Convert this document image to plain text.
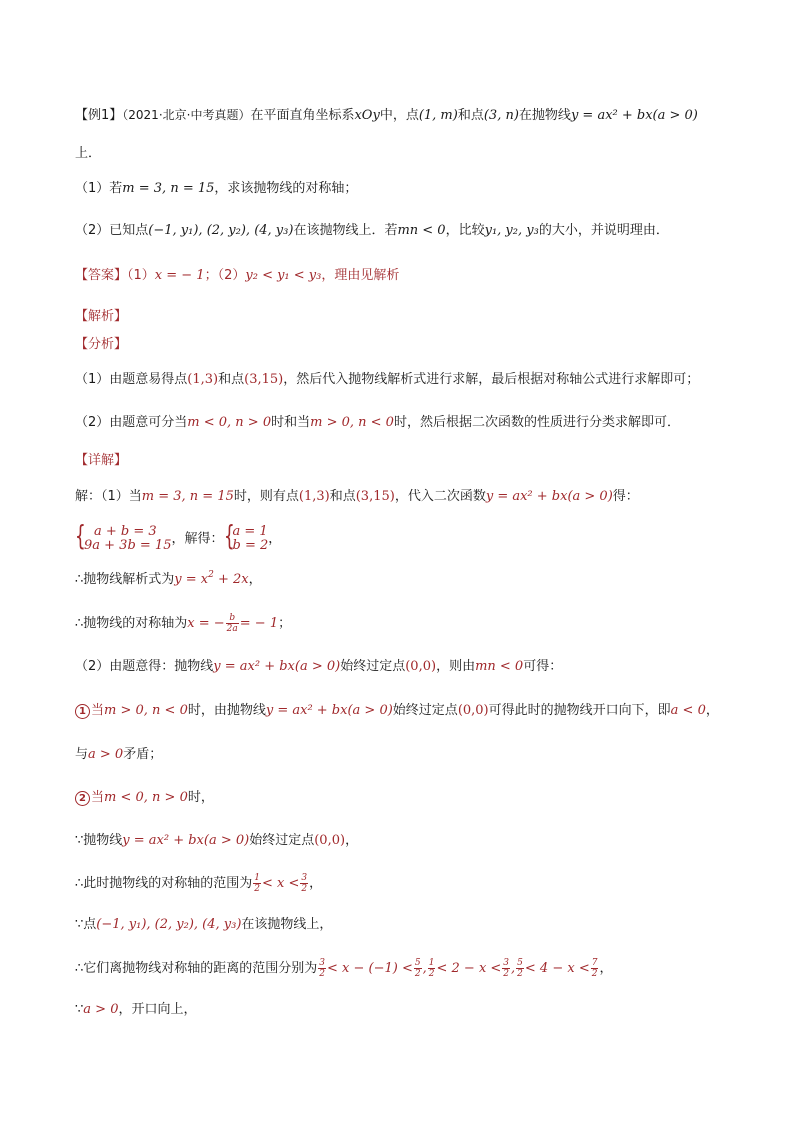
【例1】（2021·北京·中考真题）在平面直角坐标系xOy中，点(1, m)和点(3, n)在抛物线y = ax² + bx(a > 0)
上．
（1）若m = 3, n = 15，求该抛物线的对称轴；
（2）已知点(−1, y₁), (2, y₂), (4, y₃)在该抛物线上．若mn < 0，比较y₁, y₂, y₃的大小，并说明理由．
【答案】（1）x = − 1；（2）y₂ < y₁ < y₃，理由见解析
【解析】
【分析】
（1）由题意易得点(1,3)和点(3,15)，然后代入抛物线解析式进行求解，最后根据对称轴公式进行求解即可；
（2）由题意可分当m < 0, n > 0时和当m > 0, n < 0时，然后根据二次函数的性质进行分类求解即可．
【详解】
解：（1）当m = 3, n = 15时，则有点(1,3)和点(3,15)，代入二次函数y = ax² + bx(a > 0)得：
{ a + b = 3
9a + 3b = 15 ，解得： {
a = 1
b = 2 ，
∴抛物线解析式为$y = x^2 + 2x$，
∴抛物线的对称轴为x = − $\frac{b}{2a}$ = − 1；
（2）由题意得：抛物线y = ax² + bx(a > 0)始终过定点(0,0)，则由mn < 0可得：
1 当m > 0, n < 0时，由抛物线y = ax² + bx(a > 0)始终过定点(0,0)可得此时的抛物线开口向下，即a < 0，
与a > 0矛盾；
2 当m < 0, n > 0时，
∵抛物线y = ax² + bx(a > 0)始终过定点(0,0)，
∴此时抛物线的对称轴的范围为 $\frac{1}{2} < x < \frac{3}{2}$ ，
∵点(−1, y₁), (2, y₂), (4, y₃)在该抛物线上，
∴它们离抛物线对称轴的距离的范围分别为 $\frac{3}{2} < x - (-1) < \frac{5}{2}$ , $\frac{1}{2} < 2 - x < \frac{3}{2}$ , $\frac{5}{2} < 4 - x < \frac{7}{2}$ ，
∵a > 0，开口向上，
